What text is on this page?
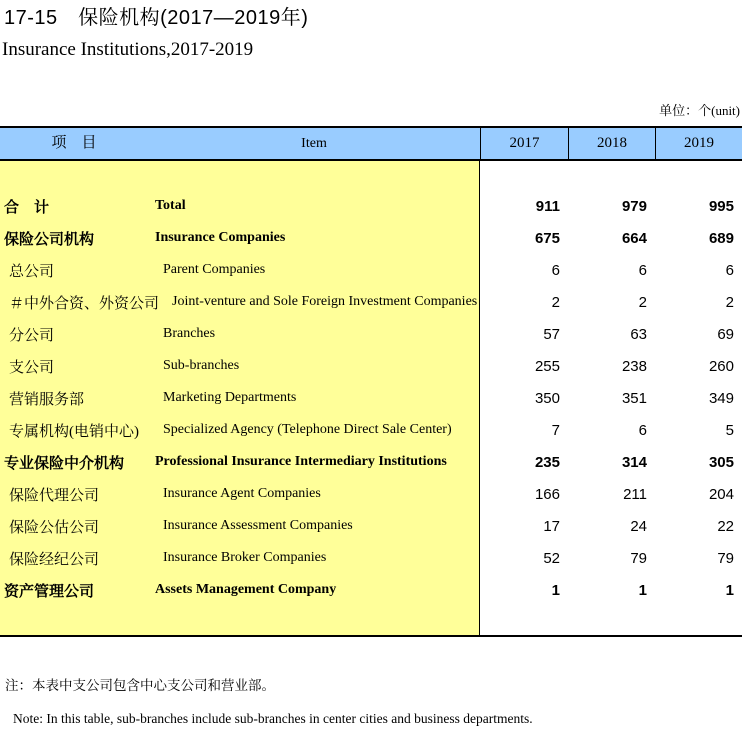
17-15　保险机构(2017—2019年)
Insurance Institutions,2017-2019
单位：个(unit)
项　目	Item	2017	2018	2019
合　计	Total	911	979	995
保险公司机构	Insurance Companies	675	664	689
总公司	Parent Companies	6	6	6
＃中外合资、外资公司 Joint-venture and Sole Foreign Investment Companies	2	2	2
分公司	Branches	57	63	69
支公司	Sub-branches	255	238	260
营销服务部	Marketing Departments	350	351	349
专属机构(电销中心)	Specialized Agency (Telephone Direct Sale Center)	7	6	5
专业保险中介机构	Professional Insurance Intermediary Institutions	235	314	305
保险代理公司	Insurance Agent Companies	166	211	204
保险公估公司	Insurance Assessment Companies	17	24	22
保险经纪公司	Insurance Broker Companies	52	79	79
资产管理公司	Assets Management Company	1	1	1
注：本表中支公司包含中心支公司和营业部。
Note: In this table, sub-branches include sub-branches in center cities and business departments.
